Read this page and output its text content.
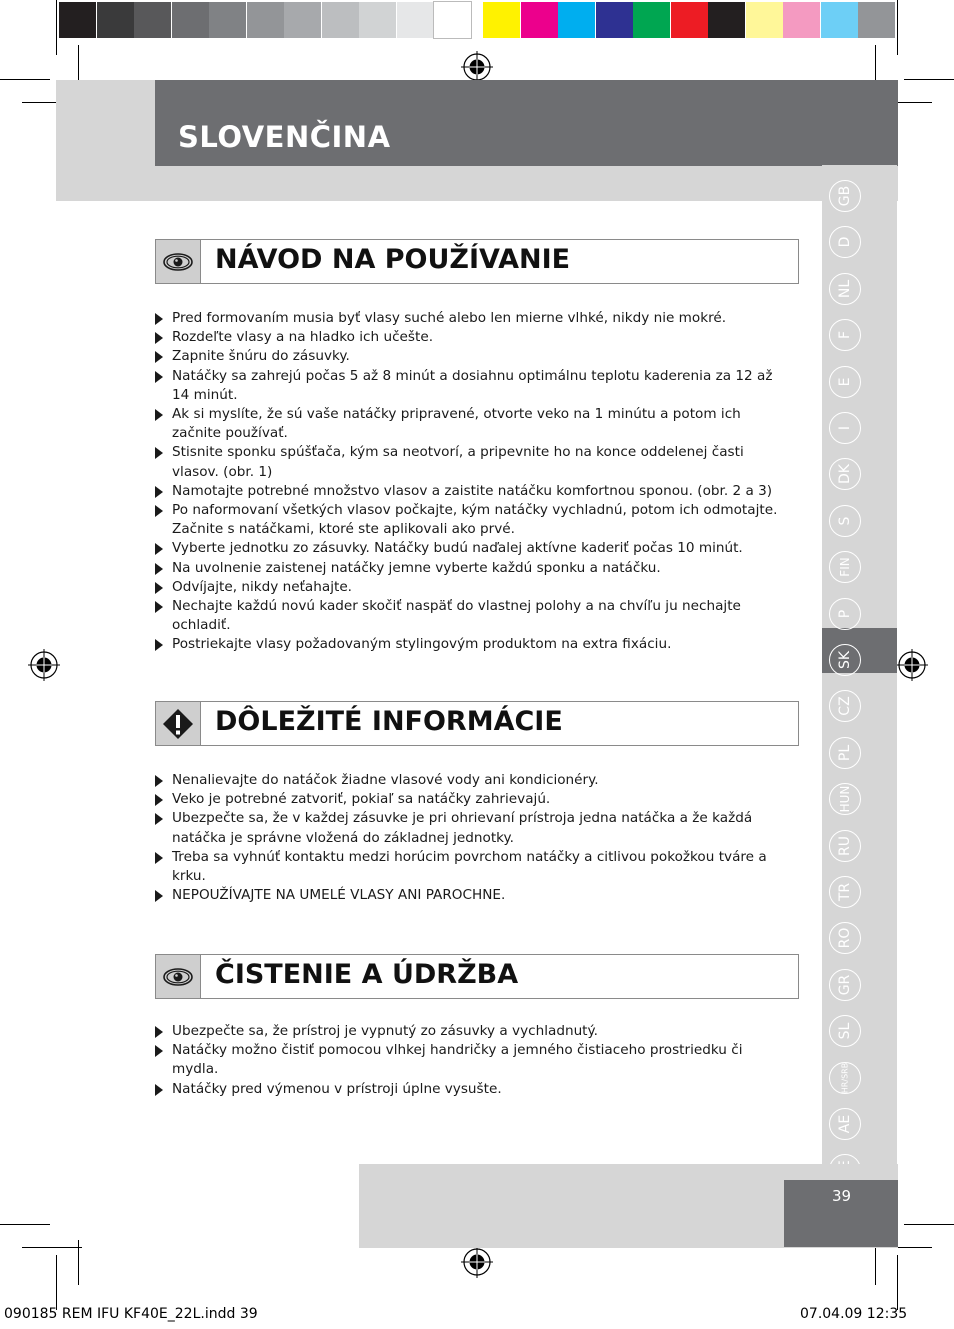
SLOVENČINA
GB
D
NL
F
E
I
DK
S
FIN
P
SK
CZ
PL
HUN
RU
TR
RO
GR
SL
HR/SRB
AE
NÁVOD NA POUŽÍVANIE
Pred formovaním musia byť vlasy suché alebo len mierne vlhké, nikdy nie mokré.
Rozdeľte vlasy a na hladko ich učešte.
Zapnite šnúru do zásuvky.
Natáčky sa zahrejú počas 5 až 8 minút a dosiahnu optimálnu teplotu kaderenia za 12 až 14 minút.
Ak si myslíte, že sú vaše natáčky pripravené, otvorte veko na 1 minútu a potom ich začnite používať.
Stisnite sponku spúšťača, kým sa neotvorí, a pripevnite ho na konce oddelenej časti vlasov. (obr. 1)
Namotajte potrebné množstvo vlasov a zaistite natáčku komfortnou sponou. (obr. 2 a 3)
Po naformovaní všetkých vlasov počkajte, kým natáčky vychladnú, potom ich odmotajte. Začnite s natáčkami, ktoré ste aplikovali ako prvé.
Vyberte jednotku zo zásuvky. Natáčky budú naďalej aktívne kaderiť počas 10 minút.
Na uvolnenie zaistenej natáčky jemne vyberte každú sponku a natáčku.
Odvíjajte, nikdy neťahajte.
Nechajte každú novú kader skočiť naspäť do vlastnej polohy a na chvíľu ju nechajte ochladiť.
Postriekajte vlasy požadovaným stylingovým produktom na extra fixáciu.
DÔLEŽITÉ INFORMÁCIE
Nenalievajte do natáčok žiadne vlasové vody ani kondicionéry.
Veko je potrebné zatvoriť, pokiaľ sa natáčky zahrievajú.
Ubezpečte sa, že v každej zásuvke je pri ohrievaní prístroja jedna natáčka a že každá natáčka je správne vložená do základnej jednotky.
Treba sa vyhnúť kontaktu medzi horúcim povrchom natáčky a citlivou pokožkou tváre a krku.
NEPOUŽÍVAJTE NA UMELÉ VLASY ANI PAROCHNE.
ČISTENIE A ÚDRŽBA
Ubezpečte sa, že prístroj je vypnutý zo zásuvky a vychladnutý.
Natáčky možno čistiť pomocou vlhkej handričky a jemného čistiaceho prostriedku či mydla.
Natáčky pred výmenou v prístroji úplne vysušte.
39
090185 REM IFU KF40E_22L.indd 39	07.04.09 12:35
